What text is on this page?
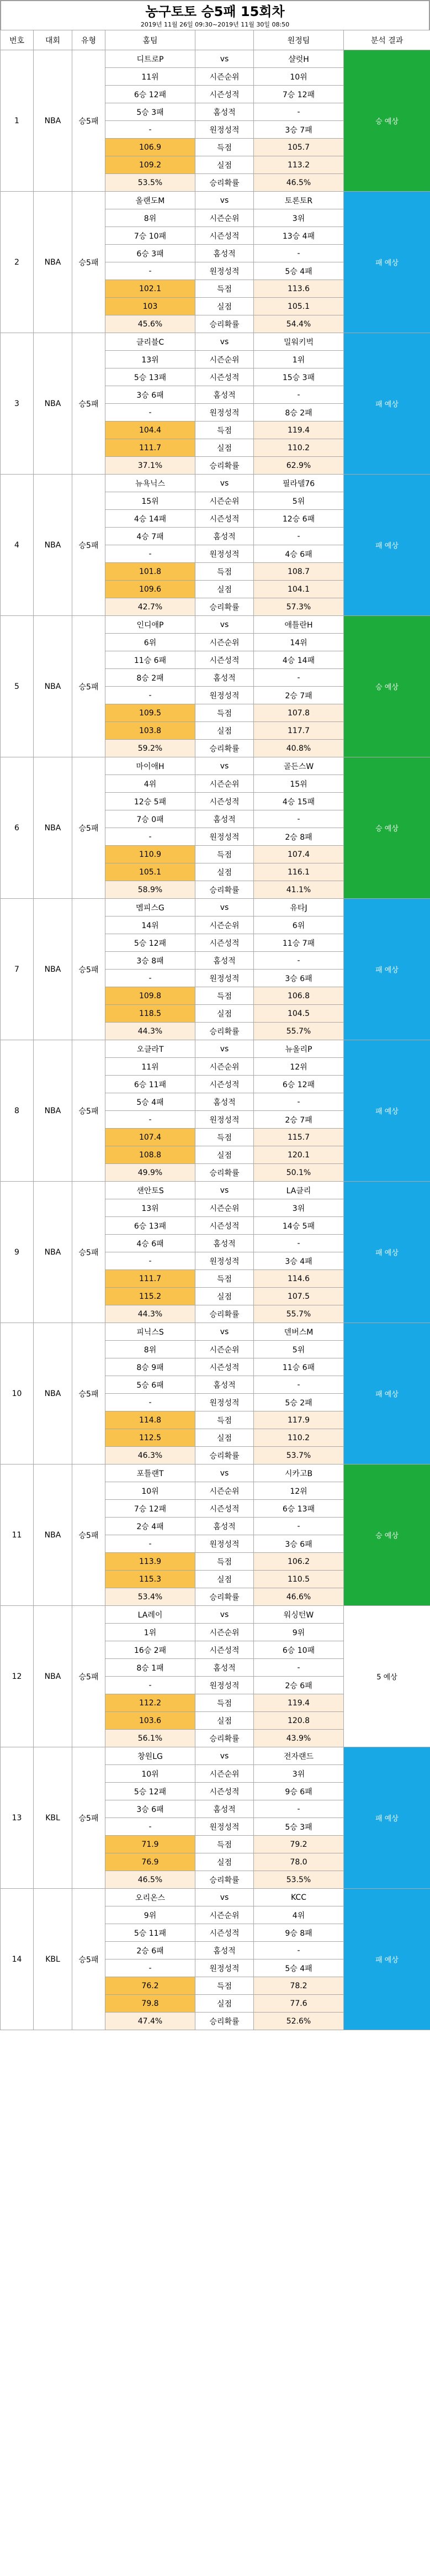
농구토토 승5패 15회차

2019년 11월 26일 09:30~2019년 11월 30일 08:50

번호	대회	유형	홈팀		원정팀	분석 결과
1	NBA	승5패	디트로P	vs	샬럿H	승 예상
			11위	시즌순위	10위	
			6승 12패	시즌성적	7승 12패	
			5승 3패	홈성적	-	
			-	원정성적	3승 7패	
			106.9	득점	105.7	
			109.2	실점	113.2	
			53.5%	승리확률	46.5%	
2	NBA	승5패	올랜도M	vs	토론토R	패 예상
			8위	시즌순위	3위	
			7승 10패	시즌성적	13승 4패	
			6승 3패	홈성적	-	
			-	원정성적	5승 4패	
			102.1	득점	113.6	
			103	실점	105.1	
			45.6%	승리확률	54.4%	
3	NBA	승5패	클리블C	vs	밀워키벅	패 예상
			13위	시즌순위	1위	
			5승 13패	시즌성적	15승 3패	
			3승 6패	홈성적	-	
			-	원정성적	8승 2패	
			104.4	득점	119.4	
			111.7	실점	110.2	
			37.1%	승리확률	62.9%	
4	NBA	승5패	뉴욕닉스	vs	필라델76	패 예상
			15위	시즌순위	5위	
			4승 14패	시즌성적	12승 6패	
			4승 7패	홈성적	-	
			-	원정성적	4승 6패	
			101.8	득점	108.7	
			109.6	실점	104.1	
			42.7%	승리확률	57.3%	
5	NBA	승5패	인디애P	vs	애틀란H	승 예상
			6위	시즌순위	14위	
			11승 6패	시즌성적	4승 14패	
			8승 2패	홈성적	-	
			-	원정성적	2승 7패	
			109.5	득점	107.8	
			103.8	실점	117.7	
			59.2%	승리확률	40.8%	
6	NBA	승5패	마이애H	vs	골든스W	승 예상
			4위	시즌순위	15위	
			12승 5패	시즌성적	4승 15패	
			7승 0패	홈성적	-	
			-	원정성적	2승 8패	
			110.9	득점	107.4	
			105.1	실점	116.1	
			58.9%	승리확률	41.1%	
7	NBA	승5패	멤피스G	vs	유타J	패 예상
			14위	시즌순위	6위	
			5승 12패	시즌성적	11승 7패	
			3승 8패	홈성적	-	
			-	원정성적	3승 6패	
			109.8	득점	106.8	
			118.5	실점	104.5	
			44.3%	승리확률	55.7%	
8	NBA	승5패	오클라T	vs	뉴올리P	패 예상
			11위	시즌순위	12위	
			6승 11패	시즌성적	6승 12패	
			5승 4패	홈성적	-	
			-	원정성적	2승 7패	
			107.4	득점	115.7	
			108.8	실점	120.1	
			49.9%	승리확률	50.1%	
9	NBA	승5패	샌안토S	vs	LA클리	패 예상
			13위	시즌순위	3위	
			6승 13패	시즌성적	14승 5패	
			4승 6패	홈성적	-	
			-	원정성적	3승 4패	
			111.7	득점	114.6	
			115.2	실점	107.5	
			44.3%	승리확률	55.7%	
10	NBA	승5패	피닉스S	vs	덴버스M	패 예상
			8위	시즌순위	5위	
			8승 9패	시즌성적	11승 6패	
			5승 6패	홈성적	-	
			-	원정성적	5승 2패	
			114.8	득점	117.9	
			112.5	실점	110.2	
			46.3%	승리확률	53.7%	
11	NBA	승5패	포틀랜T	vs	시카고B	승 예상
			10위	시즌순위	12위	
			7승 12패	시즌성적	6승 13패	
			2승 4패	홈성적	-	
			-	원정성적	3승 6패	
			113.9	득점	106.2	
			115.3	실점	110.5	
			53.4%	승리확률	46.6%	
12	NBA	승5패	LA레이	vs	워싱턴W	5 예상
			1위	시즌순위	9위	
			16승 2패	시즌성적	6승 10패	
			8승 1패	홈성적	-	
			-	원정성적	2승 6패	
			112.2	득점	119.4	
			103.6	실점	120.8	
			56.1%	승리확률	43.9%	
13	KBL	승5패	창원LG	vs	전자랜드	패 예상
			10위	시즌순위	3위	
			5승 12패	시즌성적	9승 6패	
			3승 6패	홈성적	-	
			-	원정성적	5승 3패	
			71.9	득점	79.2	
			76.9	실점	78.0	
			46.5%	승리확률	53.5%	
14	KBL	승5패	오리온스	vs	KCC	패 예상
			9위	시즌순위	4위	
			5승 11패	시즌성적	9승 8패	
			2승 6패	홈성적	-	
			-	원정성적	5승 4패	
			76.2	득점	78.2	
			79.8	실점	77.6	
			47.4%	승리확률	52.6%	
